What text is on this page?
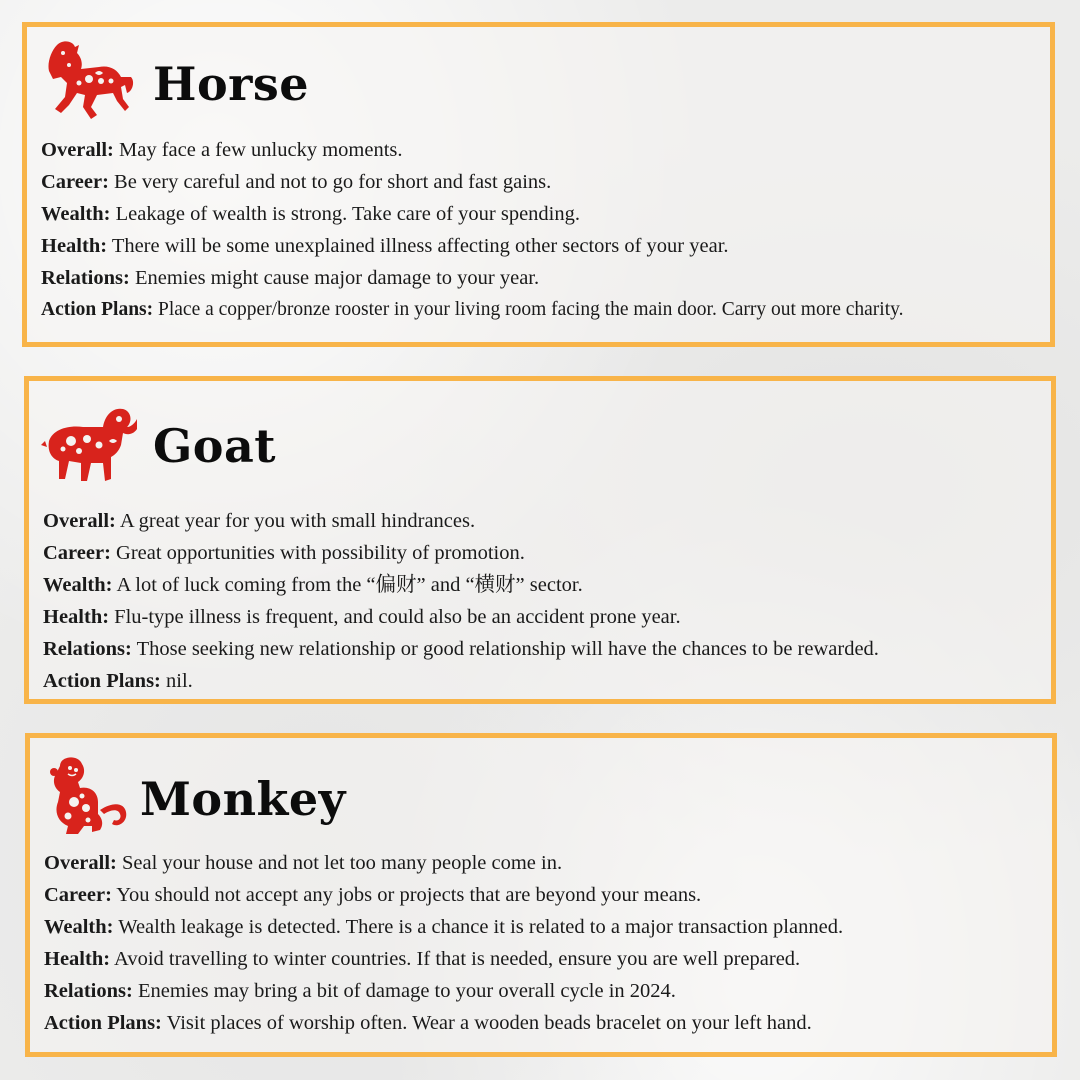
Horse
Overall: May face a few unlucky moments.
Career: Be very careful and not to go for short and fast gains.
Wealth: Leakage of wealth is strong. Take care of your spending.
Health: There will be some unexplained illness affecting other sectors of your year.
Relations: Enemies might cause major damage to your year.
Action Plans: Place a copper/bronze rooster in your living room facing the main door. Carry out more charity.
Goat
Overall: A great year for you with small hindrances.
Career: Great opportunities with possibility of promotion.
Wealth: A lot of luck coming from the “偏财” and “横财” sector.
Health: Flu-type illness is frequent, and could also be an accident prone year.
Relations: Those seeking new relationship or good relationship will have the chances to be rewarded.
Action Plans: nil.
Monkey
Overall: Seal your house and not let too many people come in.
Career: You should not accept any jobs or projects that are beyond your means.
Wealth: Wealth leakage is detected. There is a chance it is related to a major transaction planned.
Health: Avoid travelling to winter countries. If that is needed, ensure you are well prepared.
Relations: Enemies may bring a bit of damage to your overall cycle in 2024.
Action Plans: Visit places of worship often. Wear a wooden beads bracelet on your left hand.
